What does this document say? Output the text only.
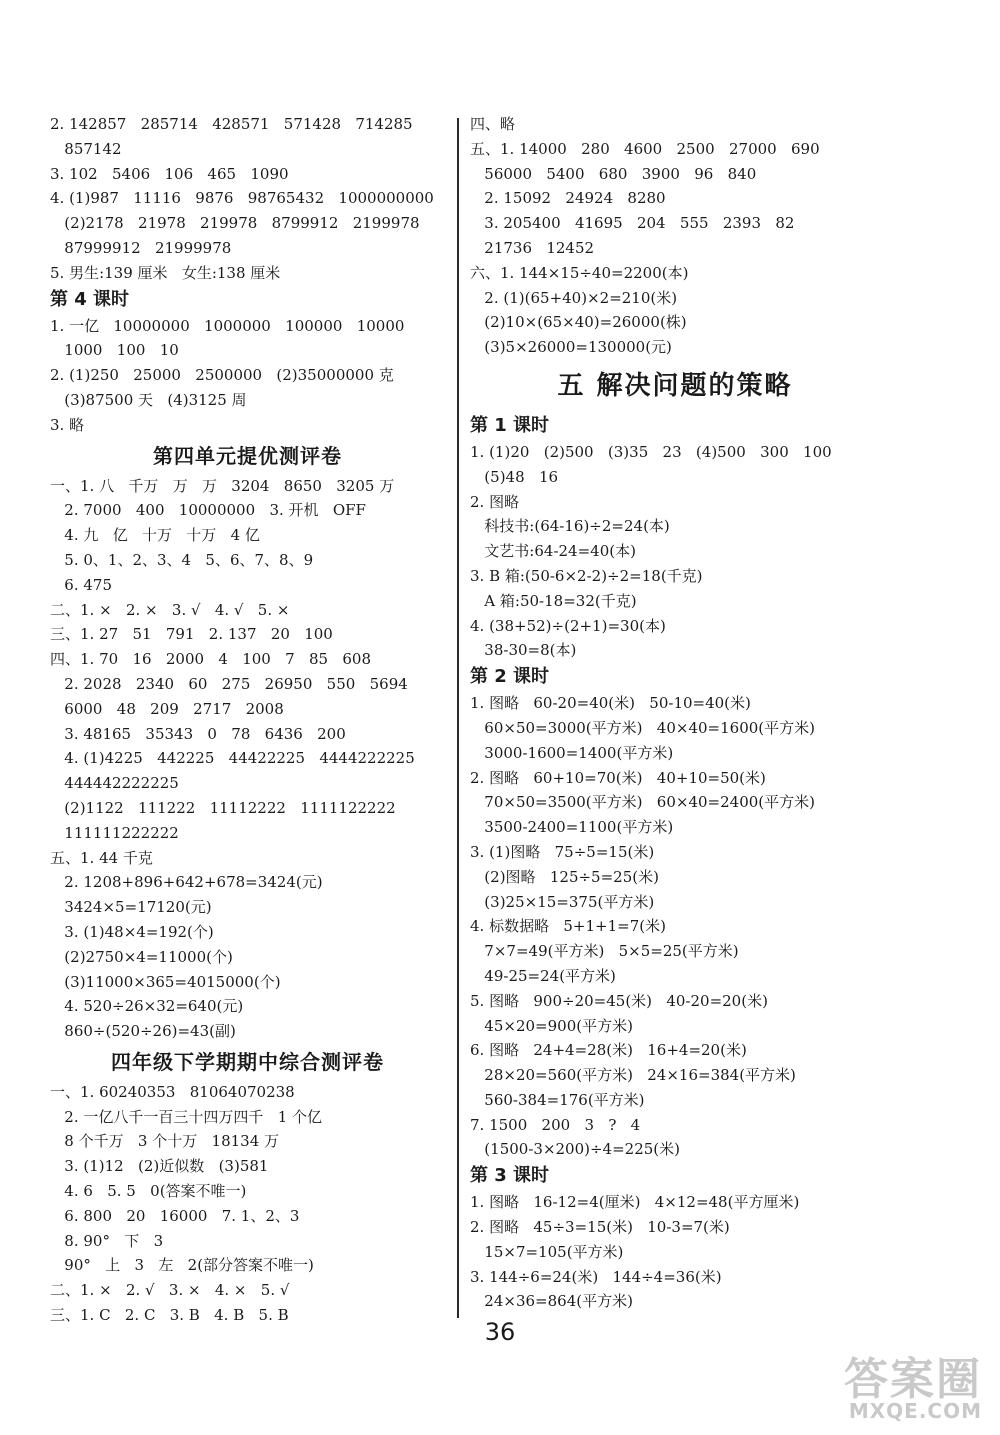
2. 142857   285714   428571   571428   714285
857142
3. 102   5406   106   465   1090
4. (1)987   11116   9876   98765432   1000000000
(2)2178   21978   219978   8799912   2199978
87999912   21999978
5. 男生:139 厘米   女生:138 厘米
第 4 课时
1. 一亿   10000000   1000000   100000   10000
1000   100   10
2. (1)250   25000   2500000   (2)35000000 克
(3)87500 天   (4)3125 周
3. 略
第四单元提优测评卷
一、1. 八   千万   万   万   3204   8650   3205 万
2. 7000   400   10000000   3. 开机   OFF
4. 九   亿   十万   十万   4 亿
5. 0、1、2、3、4   5、6、7、8、9
6. 475
二、1. ×   2. ×   3. √   4. √   5. ×
三、1. 27   51   791   2. 137   20   100
四、1. 70   16   2000   4   100   7   85   608
2. 2028   2340   60   275   26950   550   5694
6000   48   209   2717   2008
3. 48165   35343   0   78   6436   200
4. (1)4225   442225   44422225   4444222225
444442222225
(2)1122   111222   11112222   1111122222
111111222222
五、1. 44 千克
2. 1208+896+642+678=3424(元)
3424×5=17120(元)
3. (1)48×4=192(个)
(2)2750×4=11000(个)
(3)11000×365=4015000(个)
4. 520÷26×32=640(元)
860÷(520÷26)=43(副)
四年级下学期期中综合测评卷
一、1. 60240353   81064070238
2. 一亿八千一百三十四万四千   1 个亿
8 个千万   3 个十万   18134 万
3. (1)12   (2)近似数   (3)581
4. 6   5. 5   0(答案不唯一)
6. 800   20   16000   7. 1、2、3
8. 90°   下   3
90°   上   3   左   2(部分答案不唯一)
二、1. ×   2. √   3. ×   4. ×   5. √
三、1. C   2. C   3. B   4. B   5. B
四、略
五、1. 14000   280   4600   2500   27000   690
56000   5400   680   3900   96   840
2. 15092   24924   8280
3. 205400   41695   204   555   2393   82
21736   12452
六、1. 144×15÷40=2200(本)
2. (1)(65+40)×2=210(米)
(2)10×(65×40)=26000(株)
(3)5×26000=130000(元)
五 解决问题的策略
第 1 课时
1. (1)20   (2)500   (3)35   23   (4)500   300   100
(5)48   16
2. 图略
科技书:(64-16)÷2=24(本)
文艺书:64-24=40(本)
3. B 箱:(50-6×2-2)÷2=18(千克)
A 箱:50-18=32(千克)
4. (38+52)÷(2+1)=30(本)
38-30=8(本)
第 2 课时
1. 图略   60-20=40(米)   50-10=40(米)
60×50=3000(平方米)   40×40=1600(平方米)
3000-1600=1400(平方米)
2. 图略   60+10=70(米)   40+10=50(米)
70×50=3500(平方米)   60×40=2400(平方米)
3500-2400=1100(平方米)
3. (1)图略   75÷5=15(米)
(2)图略   125÷5=25(米)
(3)25×15=375(平方米)
4. 标数据略   5+1+1=7(米)
7×7=49(平方米)   5×5=25(平方米)
49-25=24(平方米)
5. 图略   900÷20=45(米)   40-20=20(米)
45×20=900(平方米)
6. 图略   24+4=28(米)   16+4=20(米)
28×20=560(平方米)   24×16=384(平方米)
560-384=176(平方米)
7. 1500   200   3   ?   4
(1500-3×200)÷4=225(米)
第 3 课时
1. 图略   16-12=4(厘米)   4×12=48(平方厘米)
2. 图略   45÷3=15(米)   10-3=7(米)
15×7=105(平方米)
3. 144÷6=24(米)   144÷4=36(米)
24×36=864(平方米)
36
答案圈
MXQE.COM
